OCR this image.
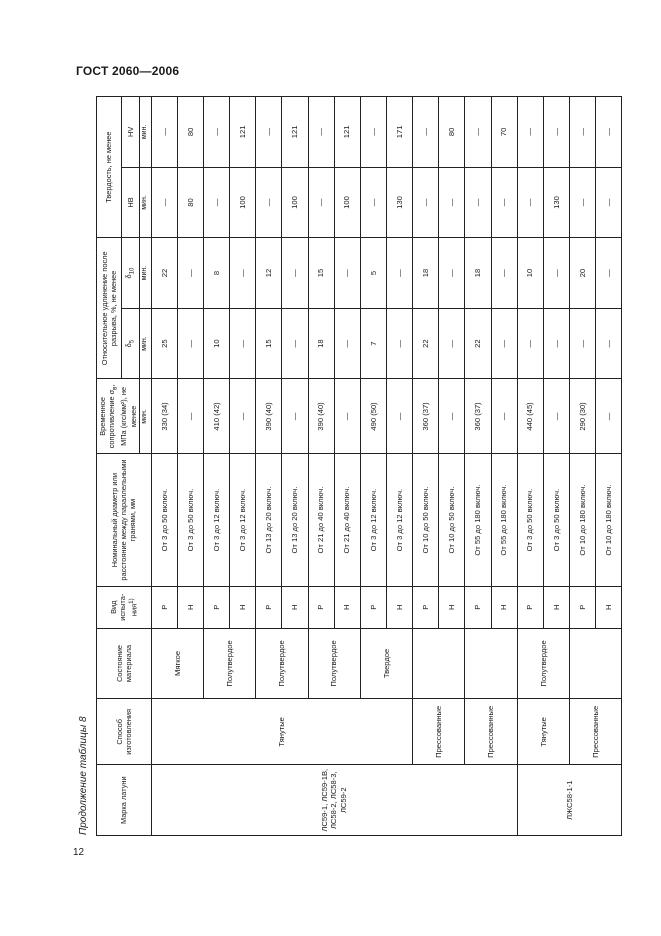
ГОСТ 2060—2006
12
Продолжение таблицы 8	Марка латуни	Способ изготовления	Состояние материала	Вид испыта-ния$^{1)}$	Номинальный диаметр или расстояние между параллельными гранями, мм	Временное сопротивление $\sigma_в$, МПа (кгс/мм²), не менее	Относительное удлинение после разрыва, %, не менее		Твердость, не менее	
						$\delta_5$	$\delta_{10}$	НВ	HV
					мин.	мин.	мин.	мин.	мин.
ЛС59-1, ЛС59-1В, ЛС58-2, ЛС58-3, ЛС59-2	Тянутые	Мягкое	Р	От 3 до 50 включ.	330 (34)	25	22	—	—
			Н	От 3 до 50 включ.	—	—	—	80	80
		Полутвердое	Р	От 3 до 12 включ.	410 (42)	10	8	—	—
			Н	От 3 до 12 включ.	—	—	—	100	121
		Полутвердое	Р	От 13 до 20 включ.	390 (40)	15	12	—	—
			Н	От 13 до 20 включ.	—	—	—	100	121
		Полутвердое	Р	От 21 до 40 включ.	390 (40)	18	15	—	—
			Н	От 21 до 40 включ.	—	—	—	100	121
		Твердое	Р	От 3 до 12 включ.	490 (50)	7	5	—	—
			Н	От 3 до 12 включ.	—	—	—	130	171
	Прессованные		Р	От 10 до 50 включ.	360 (37)	22	18	—	—
			Н	От 10 до 50 включ.	—	—	—	—	80
	Прессованные		Р	От 55 до 180 включ.	360 (37)	22	18	—	—
			Н	От 55 до 180 включ.	—	—	—	—	70
ЛЖС58-1-1	Тянутые	Полутвердое	Р	От 3 до 50 включ.	440 (45)	—	10	—	—
			Н	От 3 до 50 включ.	—	—	—	130	—
	Прессованные		Р	От 10 до 180 включ.	290 (30)	—	20	—	—
			Н	От 10 до 180 включ.	—	—	—	—	—
